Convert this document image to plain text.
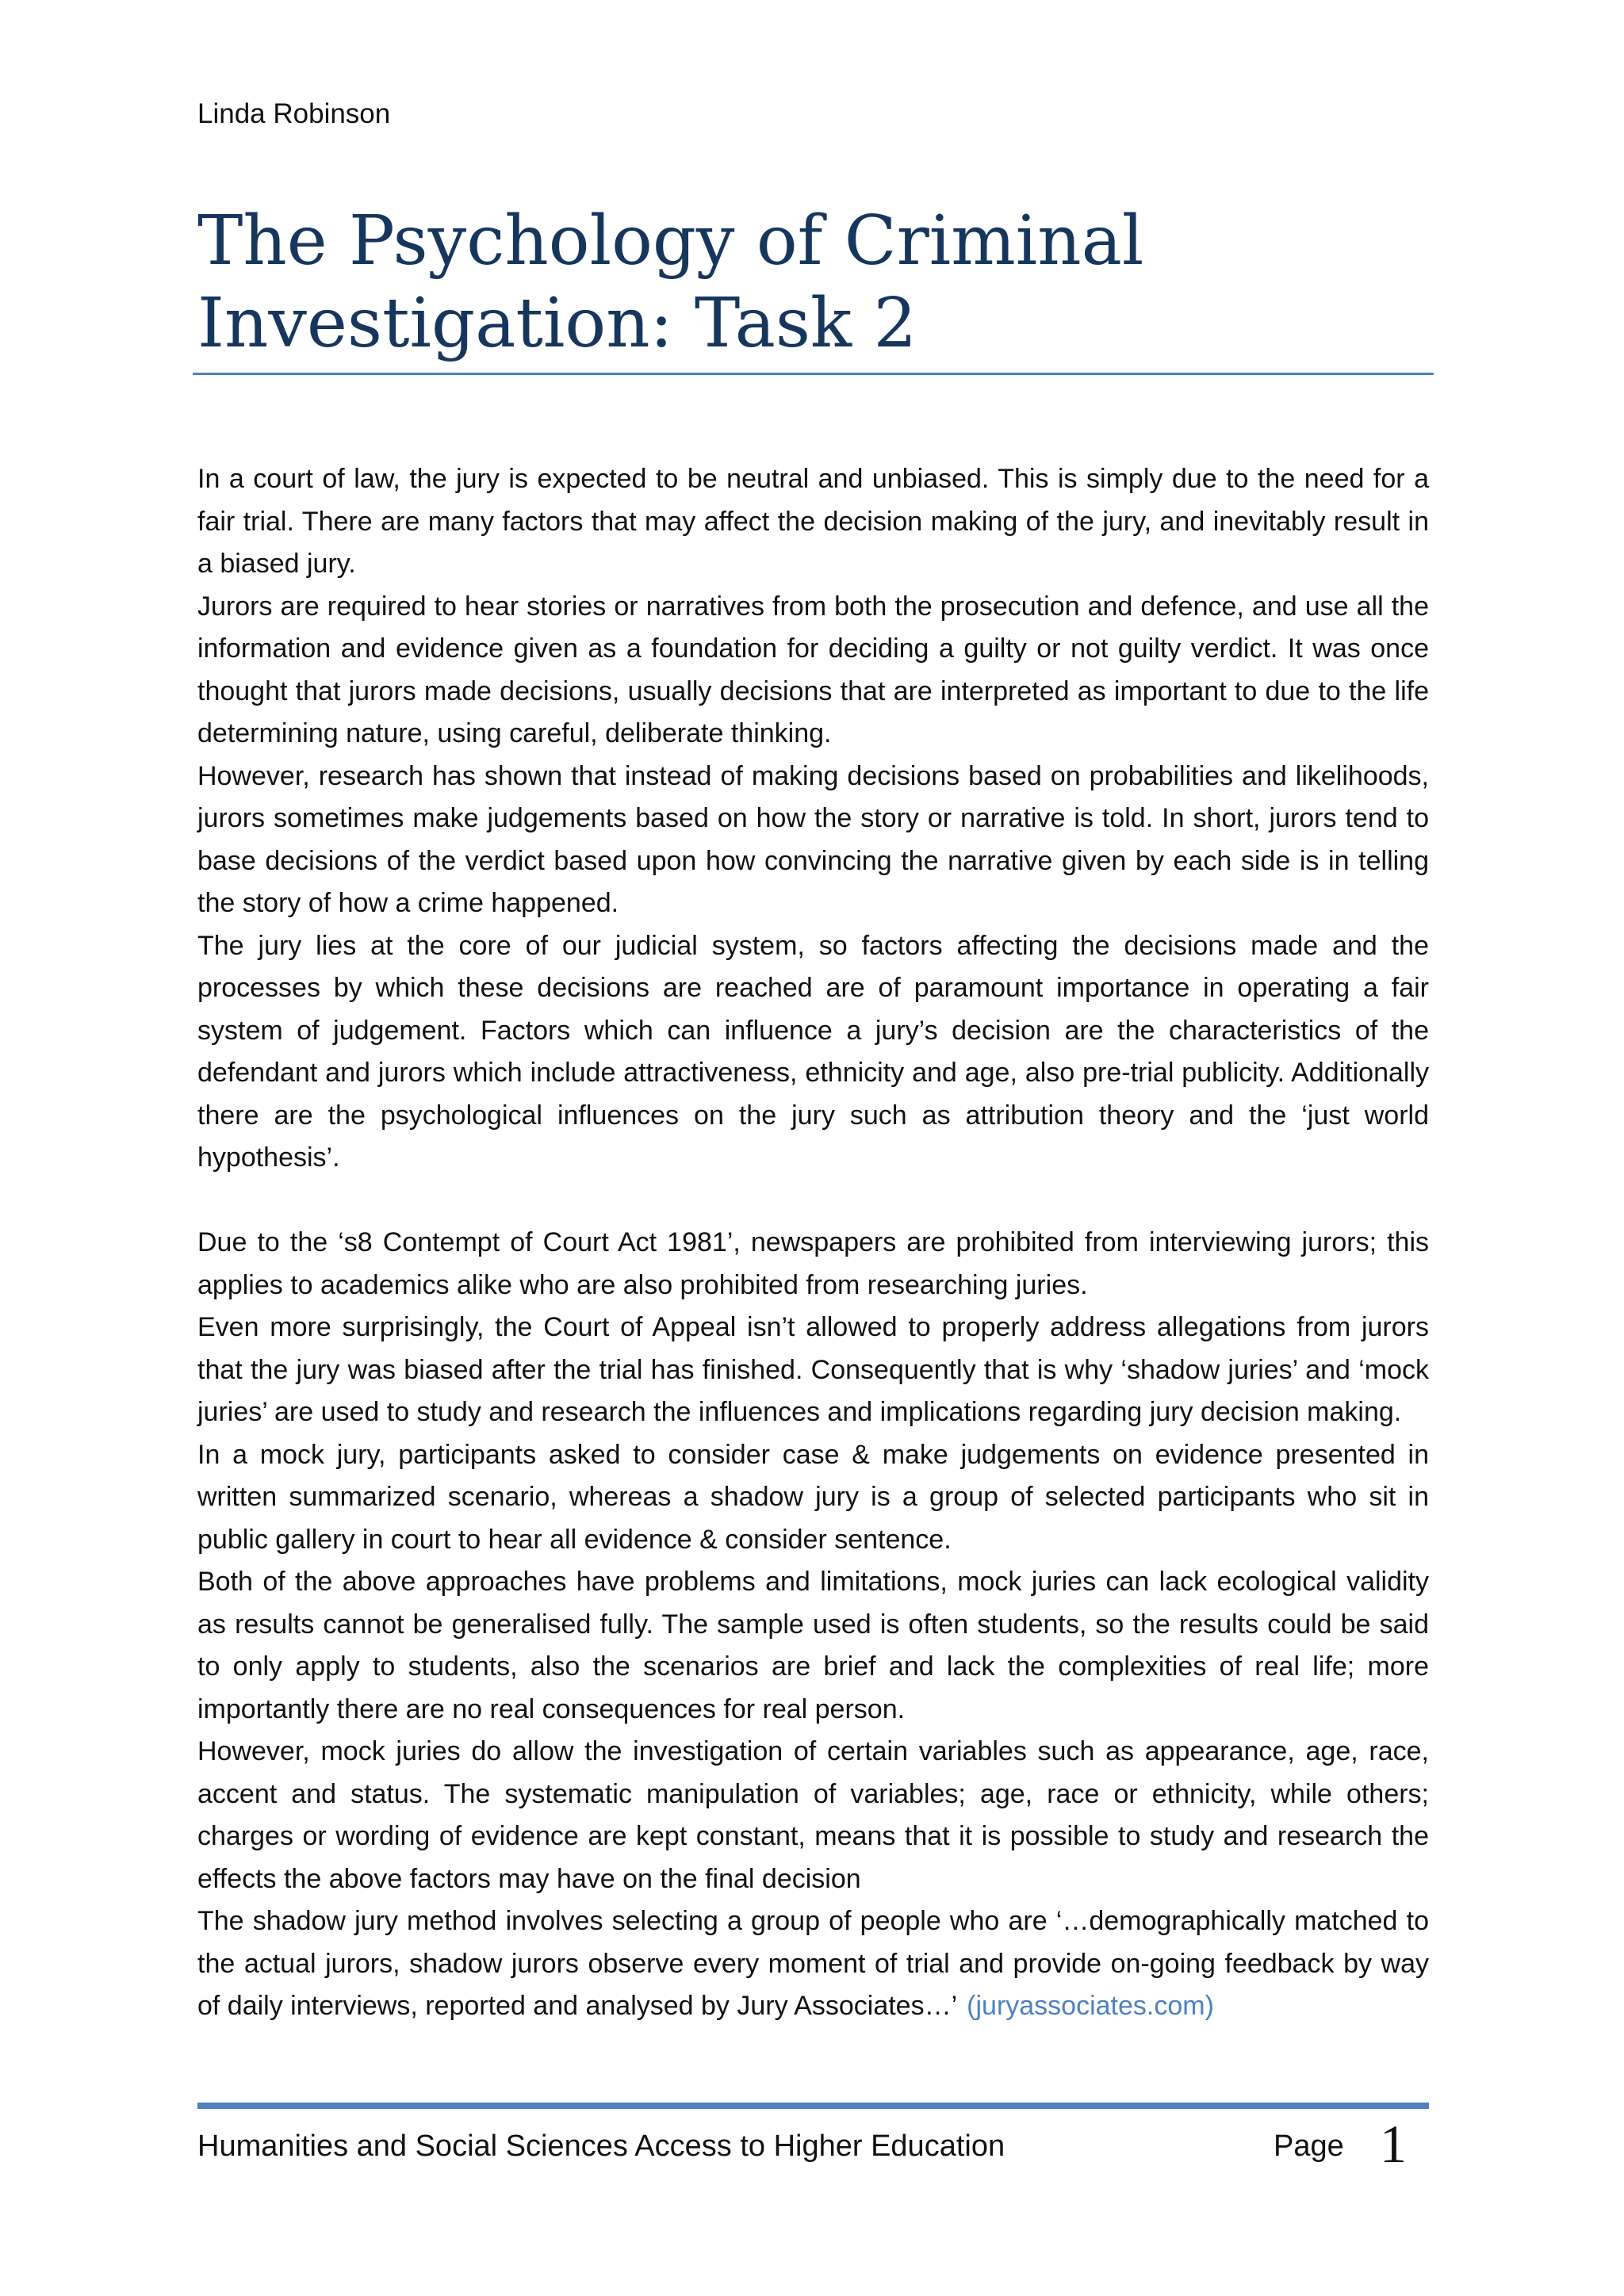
Linda Robinson
The Psychology of Criminal
Investigation: Task 2

In a court of law, the jury is expected to be neutral and unbiased. This is simply due to the need for a fair trial. There are many factors that may affect the decision making of the jury, and inevitably result in a biased jury.

Jurors are required to hear stories or narratives from both the prosecution and defence, and use all the information and evidence given as a foundation for deciding a guilty or not guilty verdict. It was once thought that jurors made decisions, usually decisions that are interpreted as important to due to the life determining nature, using careful, deliberate thinking.

However, research has shown that instead of making decisions based on probabilities and likelihoods, jurors sometimes make judgements based on how the story or narrative is told. In short, jurors tend to base decisions of the verdict based upon how convincing the narrative given by each side is in telling the story of how a crime happened.

The jury lies at the core of our judicial system, so factors affecting the decisions made and the processes by which these decisions are reached are of paramount importance in operating a fair system of judgement. Factors which can influence a jury’s decision are the characteristics of the defendant and jurors which include attractiveness, ethnicity and age, also pre-trial publicity. Additionally there are the psychological influences on the jury such as attribution theory and the ‘just world hypothesis’.

Due to the ‘s8 Contempt of Court Act 1981’, newspapers are prohibited from interviewing jurors; this applies to academics alike who are also prohibited from researching juries.

Even more surprisingly, the Court of Appeal isn’t allowed to properly address allegations from jurors that the jury was biased after the trial has finished. Consequently that is why ‘shadow juries’ and ‘mock juries’ are used to study and research the influences and implications regarding jury decision making.

In a mock jury, participants asked to consider case & make judgements on evidence presented in written summarized scenario, whereas a shadow jury is a group of selected participants who sit in public gallery in court to hear all evidence & consider sentence.

Both of the above approaches have problems and limitations, mock juries can lack ecological validity as results cannot be generalised fully. The sample used is often students, so the results could be said to only apply to students, also the scenarios are brief and lack the complexities of real life; more importantly there are no real consequences for real person.

However, mock juries do allow the investigation of certain variables such as appearance, age, race, accent and status. The systematic manipulation of variables; age, race or ethnicity, while others; charges or wording of evidence are kept constant, means that it is possible to study and research the effects the above factors may have on the final decision

The shadow jury method involves selecting a group of people who are ‘…demographically matched to the actual jurors, shadow jurors observe every moment of trial and provide on-going feedback by way of daily interviews, reported and analysed by Jury Associates…’ (juryassociates.com)

Humanities and Social Sciences Access to Higher Education	Page 1
